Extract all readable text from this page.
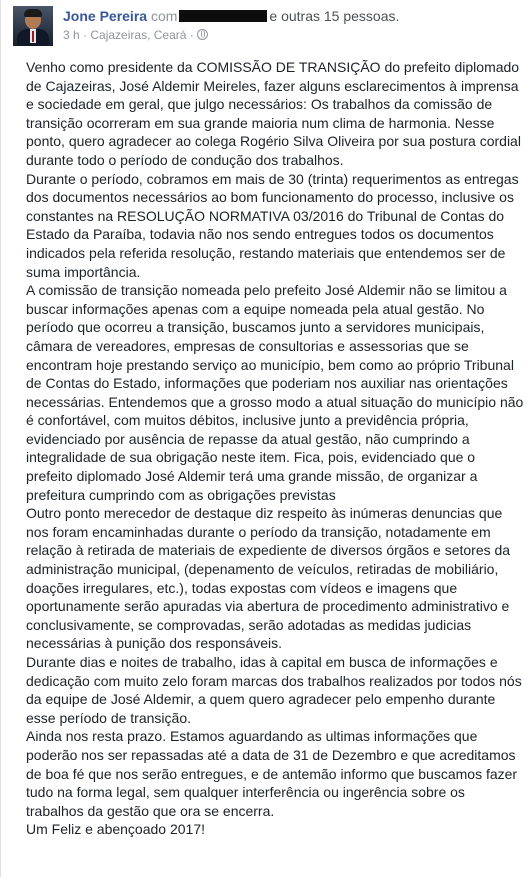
Jone Pereira com	e outras 15 pessoas.
3 h · Cajazeiras, Ceará ·

Venho como presidente da COMISSÃO DE TRANSIÇÃO do prefeito diplomado de Cajazeiras, José Aldemir Meireles, fazer alguns esclarecimentos à imprensa e sociedade em geral, que julgo necessários: Os trabalhos da comissão de transição ocorreram em sua grande maioria num clima de harmonia. Nesse ponto, quero agradecer ao colega Rogério Silva Oliveira por sua postura cordial durante todo o período de condução dos trabalhos.

Durante o período, cobramos em mais de 30 (trinta) requerimentos as entregas dos documentos necessários ao bom funcionamento do processo, inclusive os constantes na RESOLUÇÃO NORMATIVA 03/2016 do Tribunal de Contas do Estado da Paraíba, todavia não nos sendo entregues todos os documentos indicados pela referida resolução, restando materiais que entendemos ser de suma importância.

A comissão de transição nomeada pelo prefeito José Aldemir não se limitou a buscar informações apenas com a equipe nomeada pela atual gestão. No período que ocorreu a transição, buscamos junto a servidores municipais, câmara de vereadores, empresas de consultorias e assessorias que se encontram hoje prestando serviço ao município, bem como ao próprio Tribunal de Contas do Estado, informações que poderiam nos auxiliar nas orientações necessárias. Entendemos que a grosso modo a atual situação do município não é confortável, com muitos débitos, inclusive junto a previdência própria, evidenciado por ausência de repasse da atual gestão, não cumprindo a integralidade de sua obrigação neste item. Fica, pois, evidenciado que o prefeito diplomado José Aldemir terá uma grande missão, de organizar a prefeitura cumprindo com as obrigações previstas

Outro ponto merecedor de destaque diz respeito às inúmeras denuncias que nos foram encaminhadas durante o período da transição, notadamente em relação à retirada de materiais de expediente de diversos órgãos e setores da administração municipal, (depenamento de veículos, retiradas de mobiliário, doações irregulares, etc.), todas expostas com vídeos e imagens que oportunamente serão apuradas via abertura de procedimento administrativo e conclusivamente, se comprovadas, serão adotadas as medidas judicias necessárias à punição dos responsáveis.

Durante dias e noites de trabalho, idas à capital em busca de informações e dedicação com muito zelo foram marcas dos trabalhos realizados por todos nós da equipe de José Aldemir, a quem quero agradecer pelo empenho durante esse período de transição.

Ainda nos resta prazo. Estamos aguardando as ultimas informações que poderão nos ser repassadas até a data de 31 de Dezembro e que acreditamos de boa fé que nos serão entregues, e de antemão informo que buscamos fazer tudo na forma legal, sem qualquer interferência ou ingerência sobre os trabalhos da gestão que ora se encerra.

Um Feliz e abençoado 2017!
